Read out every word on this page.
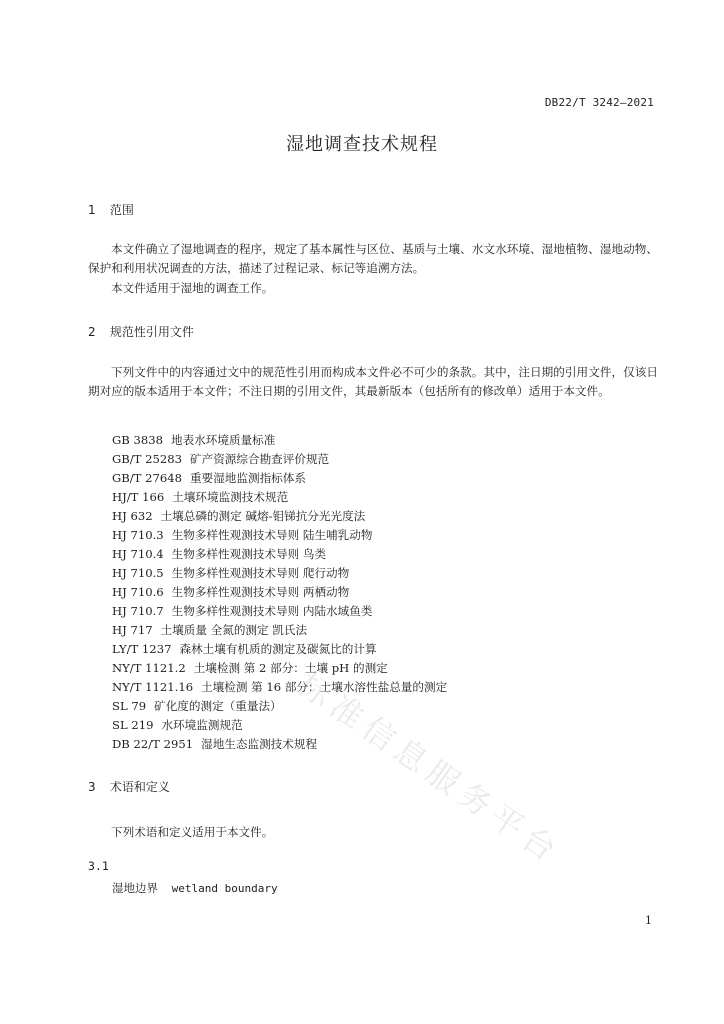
DB22/T 3242—2021
湿地调查技术规程
1 范围
本文件确立了湿地调查的程序，规定了基本属性与区位、基质与土壤、水文水环境、湿地植物、湿地动物、保护和利用状况调查的方法，描述了过程记录、标记等追溯方法。
本文件适用于湿地的调查工作。
2 规范性引用文件
下列文件中的内容通过文中的规范性引用而构成本文件必不可少的条款。其中，注日期的引用文件，仅该日期对应的版本适用于本文件；不注日期的引用文件，其最新版本（包括所有的修改单）适用于本文件。
GB 3838 地表水环境质量标准
GB/T 25283 矿产资源综合勘查评价规范
GB/T 27648 重要湿地监测指标体系
HJ/T 166 土壤环境监测技术规范
HJ 632 土壤总磷的测定 碱熔-钼锑抗分光光度法
HJ 710.3 生物多样性观测技术导则 陆生哺乳动物
HJ 710.4 生物多样性观测技术导则 鸟类
HJ 710.5 生物多样性观测技术导则 爬行动物
HJ 710.6 生物多样性观测技术导则 两栖动物
HJ 710.7 生物多样性观测技术导则 内陆水域鱼类
HJ 717 土壤质量 全氮的测定 凯氏法
LY/T 1237 森林土壤有机质的测定及碳氮比的计算
NY/T 1121.2 土壤检测 第 2 部分：土壤 pH 的测定
NY/T 1121.16 土壤检测 第 16 部分：土壤水溶性盐总量的测定
SL 79 矿化度的测定（重量法）
SL 219 水环境监测规范
DB 22/T 2951 湿地生态监测技术规程
3 术语和定义
下列术语和定义适用于本文件。
3.1
湿地边界 wetland boundary
1
标
准
信
息
服
务
平
台
